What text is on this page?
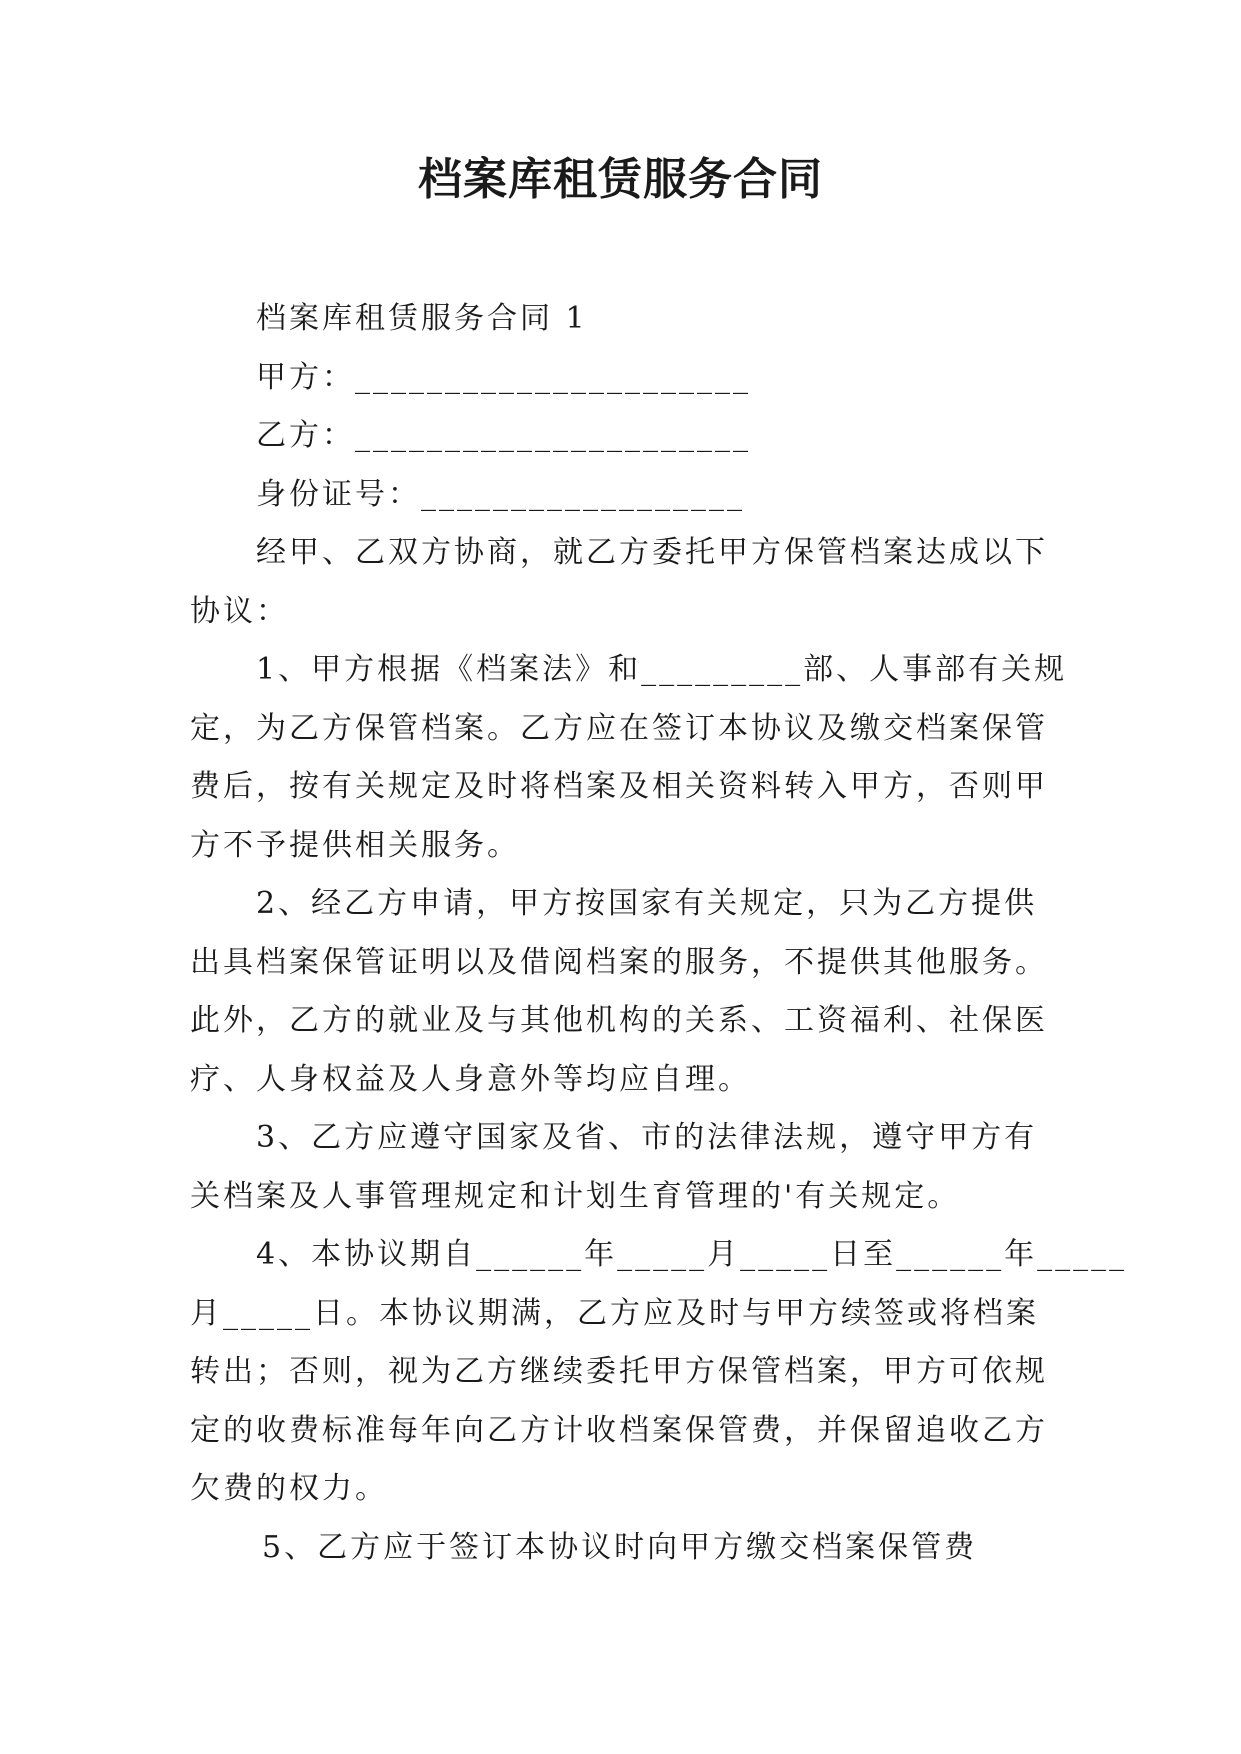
档案库租赁服务合同
档案库租赁服务合同 1
甲方：______________________
乙方：______________________
身份证号：__________________
经甲、乙双方协商，就乙方委托甲方保管档案达成以下
协议：
1、甲方根据《档案法》和_________部、人事部有关规
定，为乙方保管档案。乙方应在签订本协议及缴交档案保管
费后，按有关规定及时将档案及相关资料转入甲方，否则甲
方不予提供相关服务。
2、经乙方申请，甲方按国家有关规定，只为乙方提供
出具档案保管证明以及借阅档案的服务，不提供其他服务。
此外，乙方的就业及与其他机构的关系、工资福利、社保医
疗、人身权益及人身意外等均应自理。
3、乙方应遵守国家及省、市的法律法规，遵守甲方有
关档案及人事管理规定和计划生育管理的'有关规定。
4、本协议期自______年_____月_____日至______年_____
月_____日。本协议期满，乙方应及时与甲方续签或将档案
转出；否则，视为乙方继续委托甲方保管档案，甲方可依规
定的收费标准每年向乙方计收档案保管费，并保留追收乙方
欠费的权力。
5、乙方应于签订本协议时向甲方缴交档案保管费
